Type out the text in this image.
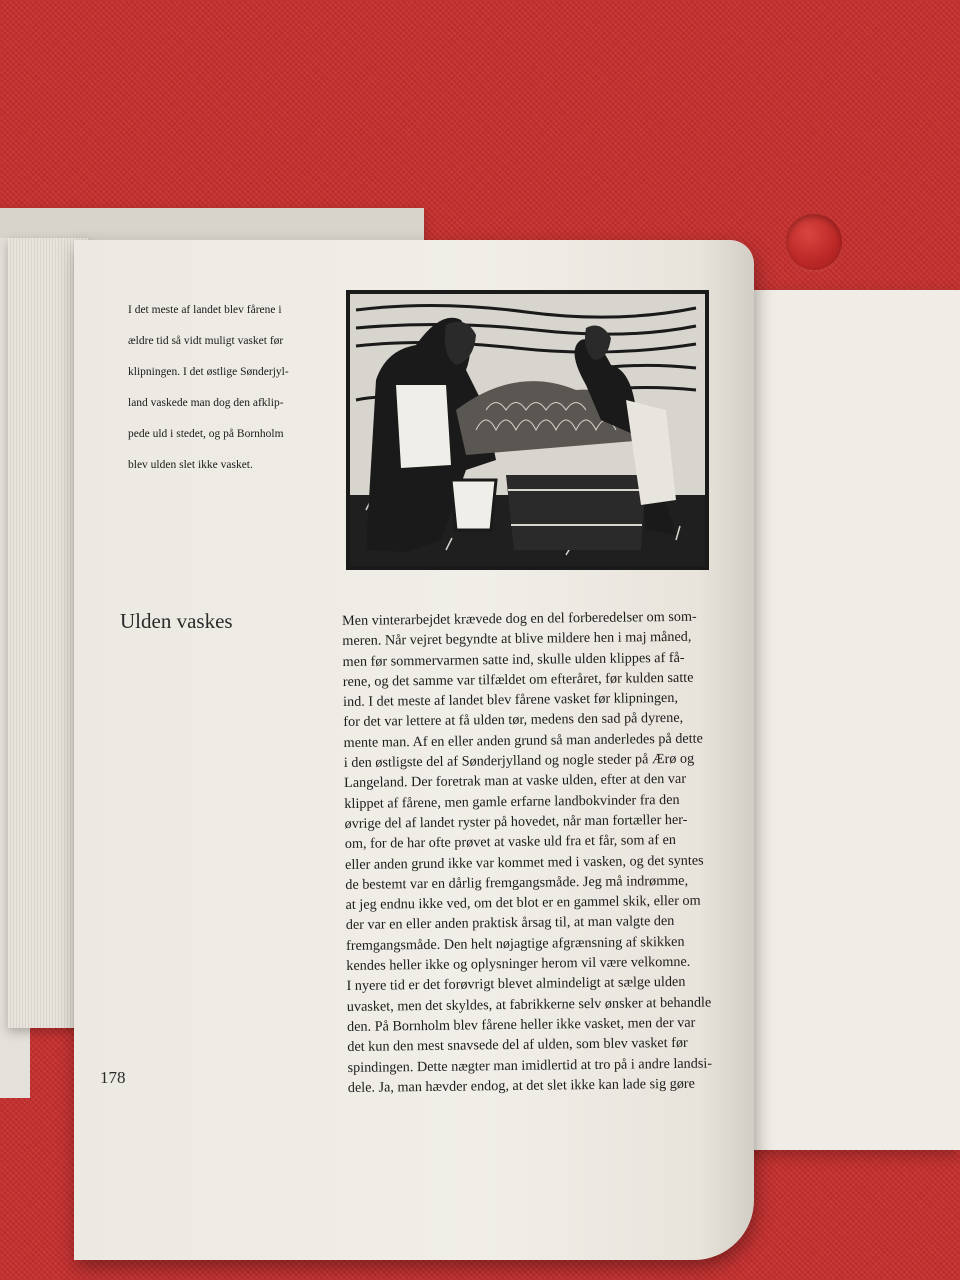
I det meste af landet blev fårene i

ældre tid så vidt muligt vasket før

klipningen. I det østlige Sønderjyl-

land vaskede man dog den afklip-

pede uld i stedet, og på Bornholm

blev ulden slet ikke vasket.

Ulden vaskes	Men vinterarbejdet krævede dog en del forberedelser om som-
meren. Når vejret begyndte at blive mildere hen i maj måned,
men før sommervarmen satte ind, skulle ulden klippes af få-
rene, og det samme var tilfældet om efteråret, før kulden satte
ind. I det meste af landet blev fårene vasket før klipningen,
for det var lettere at få ulden tør, medens den sad på dyrene,
mente man. Af en eller anden grund så man anderledes på dette
i den østligste del af Sønderjylland og nogle steder på Ærø og
Langeland. Der foretrak man at vaske ulden, efter at den var
klippet af fårene, men gamle erfarne landbokvinder fra den
øvrige del af landet ryster på hovedet, når man fortæller her-
om, for de har ofte prøvet at vaske uld fra et får, som af en
eller anden grund ikke var kommet med i vasken, og det syntes
de bestemt var en dårlig fremgangsmåde. Jeg må indrømme,
at jeg endnu ikke ved, om det blot er en gammel skik, eller om
der var en eller anden praktisk årsag til, at man valgte den
fremgangsmåde. Den helt nøjagtige afgrænsning af skikken
kendes heller ikke og oplysninger herom vil være velkomne.
I nyere tid er det forøvrigt blevet almindeligt at sælge ulden
uvasket, men det skyldes, at fabrikkerne selv ønsker at behandle
den. På Bornholm blev fårene heller ikke vasket, men der var
det kun den mest snavsede del af ulden, som blev vasket før
spindingen. Dette nægter man imidlertid at tro på i andre landsi-
dele. Ja, man hævder endog, at det slet ikke kan lade sig gøre
178
